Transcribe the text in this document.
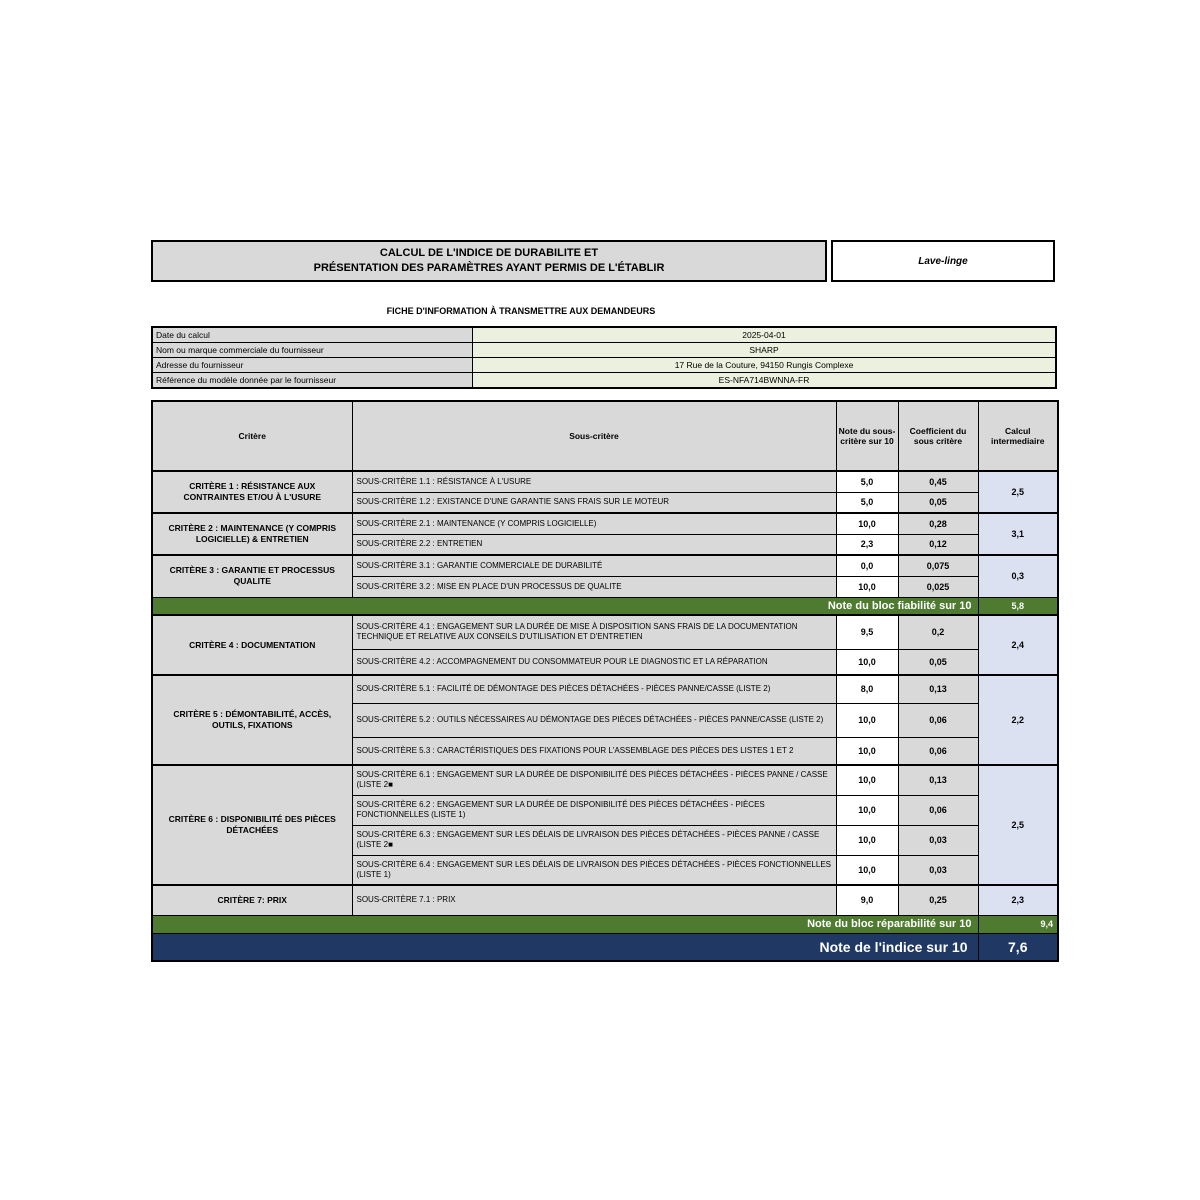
CALCUL DE L'INDICE DE DURABILITE ET
PRÉSENTATION DES PARAMÈTRES AYANT PERMIS DE L'ÉTABLIR
Lave-linge
FICHE D'INFORMATION À TRANSMETTRE AUX DEMANDEURS
Date du calcul	2025-04-01
Nom ou marque commerciale du fournisseur	SHARP
Adresse du fournisseur	17 Rue de la Couture, 94150 Rungis Complexe
Référence du modèle donnée par le fournisseur	ES-NFA714BWNNA-FR
Critère	Sous-critère	Note du sous-critère sur 10	Coefficient du sous critère	Calcul intermediaire
CRITÈRE 1 : RÉSISTANCE AUX CONTRAINTES ET/OU À L'USURE	SOUS-CRITÈRE 1.1 : RÉSISTANCE À L'USURE	5,0	0,45	2,5
	SOUS-CRITÈRE 1.2 : EXISTANCE D'UNE GARANTIE SANS FRAIS SUR LE MOTEUR	5,0	0,05	
CRITÈRE 2 : MAINTENANCE (Y COMPRIS LOGICIELLE) & ENTRETIEN	SOUS-CRITÈRE 2.1 : MAINTENANCE (Y COMPRIS LOGICIELLE)	10,0	0,28	3,1
	SOUS-CRITÈRE 2.2 : ENTRETIEN	2,3	0,12	
CRITÈRE 3 : GARANTIE ET PROCESSUS QUALITE	SOUS-CRITÈRE 3.1 : GARANTIE COMMERCIALE DE DURABILITÉ	0,0	0,075	0,3
	SOUS-CRITÈRE 3.2 : MISE EN PLACE D'UN PROCESSUS DE QUALITE	10,0	0,025	
Note du bloc fiabilité sur 10				5,8
CRITÈRE 4 : DOCUMENTATION	SOUS-CRITÈRE 4.1 : ENGAGEMENT SUR LA DURÉE DE MISE À DISPOSITION SANS FRAIS DE LA DOCUMENTATION TECHNIQUE ET RELATIVE AUX CONSEILS D'UTILISATION ET D'ENTRETIEN	9,5	0,2	2,4
	SOUS-CRITÈRE 4.2 : ACCOMPAGNEMENT DU CONSOMMATEUR POUR LE DIAGNOSTIC ET LA RÉPARATION	10,0	0,05	
CRITÈRE 5 : DÉMONTABILITÉ, ACCÈS, OUTILS, FIXATIONS	SOUS-CRITÈRE 5.1 : FACILITÉ DE DÉMONTAGE DES PIÈCES DÉTACHÉES - PIÈCES PANNE/CASSE (LISTE 2)	8,0	0,13	2,2
	SOUS-CRITÈRE 5.2 : OUTILS NÉCESSAIRES AU DÉMONTAGE DES PIÈCES DÉTACHÉES - PIÈCES PANNE/CASSE (LISTE 2)	10,0	0,06	
	SOUS-CRITÈRE 5.3 : CARACTÉRISTIQUES DES FIXATIONS POUR L'ASSEMBLAGE DES PIÈCES DES LISTES 1 ET 2	10,0	0,06	
CRITÈRE 6 : DISPONIBILITÉ DES PIÈCES DÉTACHÉES	SOUS-CRITÈRE 6.1 : ENGAGEMENT SUR LA DURÉE DE DISPONIBILITÉ DES PIÈCES DÉTACHÉES - PIÈCES PANNE / CASSE (LISTE 2■	10,0	0,13	2,5
	SOUS-CRITÈRE 6.2 : ENGAGEMENT SUR LA DURÉE DE DISPONIBILITÉ DES PIÈCES DÉTACHÉES - PIÈCES FONCTIONNELLES (LISTE 1)	10,0	0,06	
	SOUS-CRITÈRE 6.3 : ENGAGEMENT SUR LES DÉLAIS DE LIVRAISON DES PIÈCES DÉTACHÉES - PIÈCES PANNE / CASSE (LISTE 2■	10,0	0,03	
	SOUS-CRITÈRE 6.4 : ENGAGEMENT SUR LES DÉLAIS DE LIVRAISON DES PIÈCES DÉTACHÉES - PIÈCES FONCTIONNELLES (LISTE 1)	10,0	0,03	
CRITÈRE 7: PRIX	SOUS-CRITÈRE 7.1 : PRIX	9,0	0,25	2,3
Note du bloc réparabilité sur 10				9,4
Note de l'indice sur 10				7,6
